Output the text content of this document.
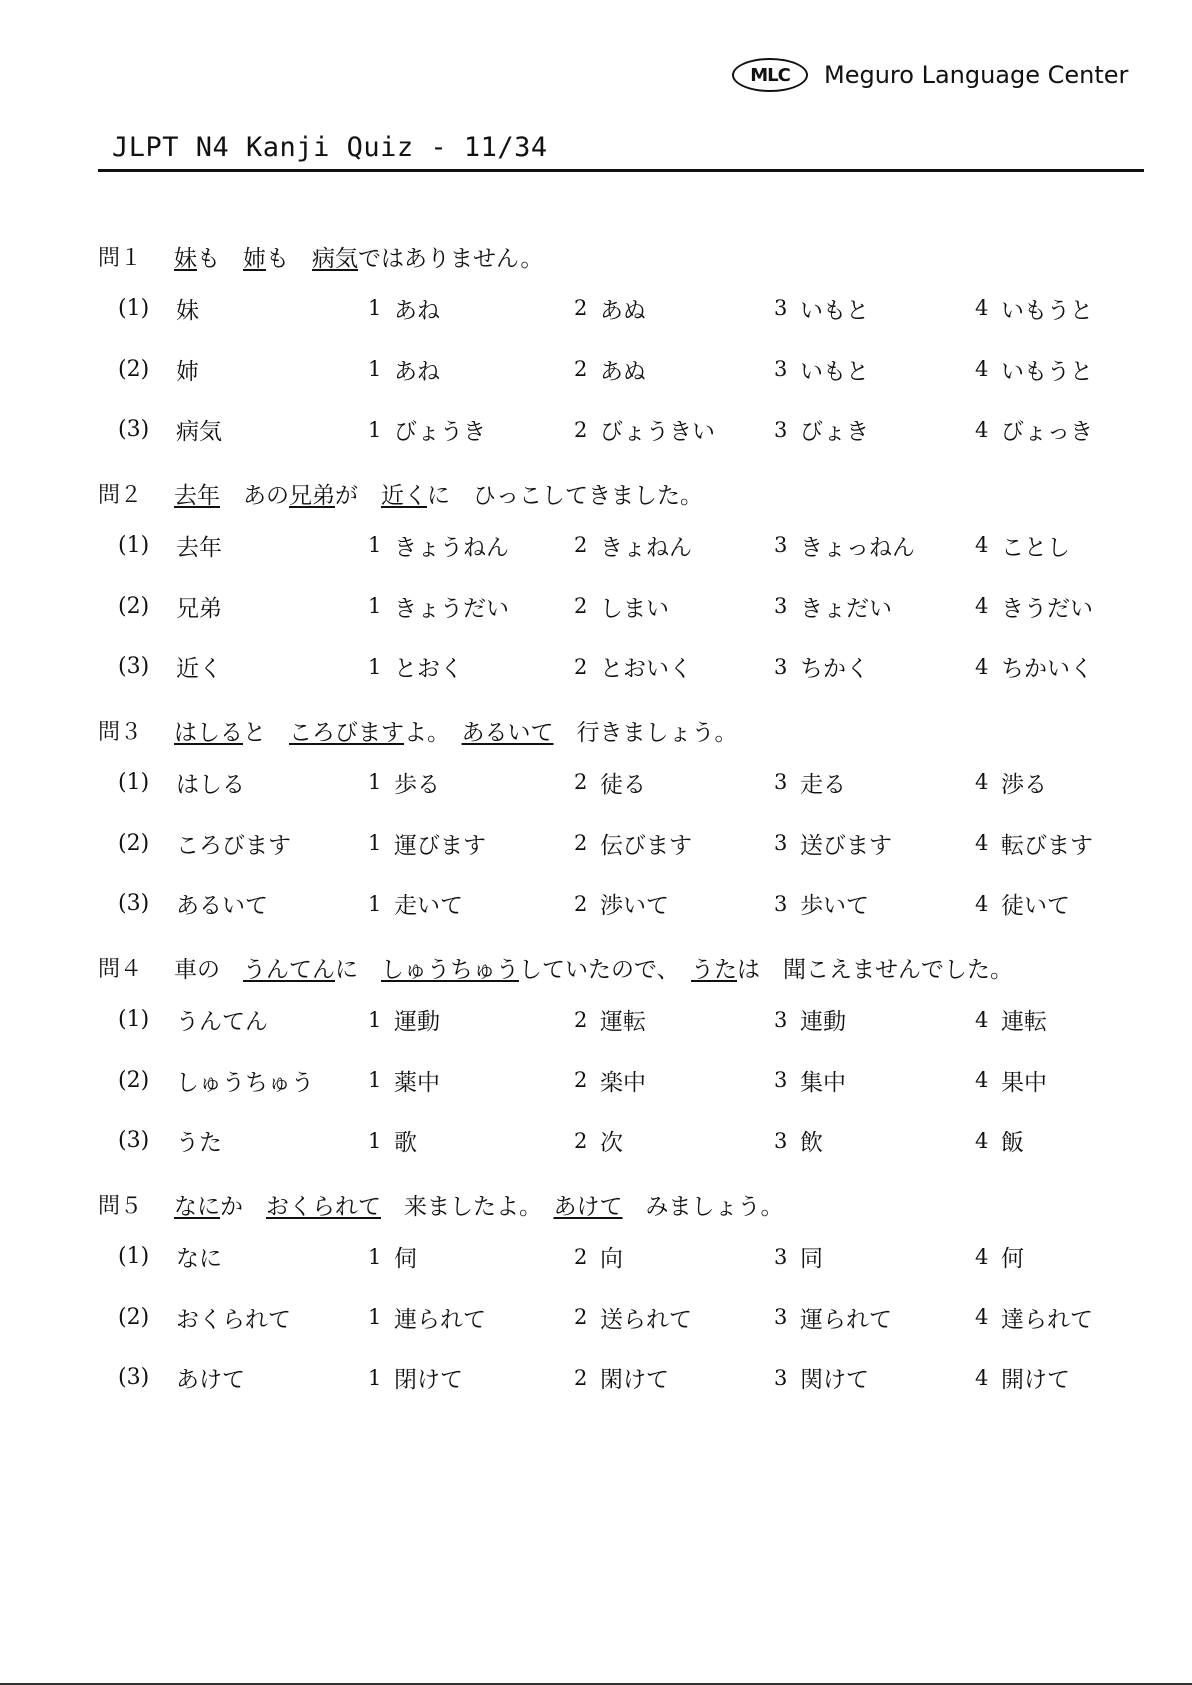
MLC	Meguro Language Center
JLPT N4 Kanji Quiz - 11/34
問１	妹も　姉も　病気ではありません。
(1)	妹	1 あね	2 あぬ	3 いもと	4 いもうと
(2)	姉	1 あね	2 あぬ	3 いもと	4 いもうと
(3)	病気	1 びょうき	2 びょうきい	3 びょき	4 びょっき
問２	去年　あの兄弟が　近くに　ひっこしてきました。
(1)	去年	1 きょうねん	2 きょねん	3 きょっねん	4 ことし
(2)	兄弟	1 きょうだい	2 しまい	3 きょだい	4 きうだい
(3)	近く	1 とおく	2 とおいく	3 ちかく	4 ちかいく
問３	はしると　ころびますよ。　あるいて　行きましょう。
(1)	はしる	1 歩る	2 徒る	3 走る	4 渉る
(2)	ころびます	1 運びます	2 伝びます	3 送びます	4 転びます
(3)	あるいて	1 走いて	2 渉いて	3 歩いて	4 徒いて
問４	車の　うんてんに　しゅうちゅうしていたので、　うたは　聞こえませんでした。
(1)	うんてん	1 運動	2 運転	3 連動	4 連転
(2)	しゅうちゅう	1 薬中	2 楽中	3 集中	4 果中
(3)	うた	1 歌	2 次	3 飲	4 飯
問５	なにか　おくられて　来ましたよ。　あけて　みましょう。
(1)	なに	1 伺	2 向	3 同	4 何
(2)	おくられて	1 連られて	2 送られて	3 運られて	4 達られて
(3)	あけて	1 閉けて	2 閑けて	3 関けて	4 開けて
